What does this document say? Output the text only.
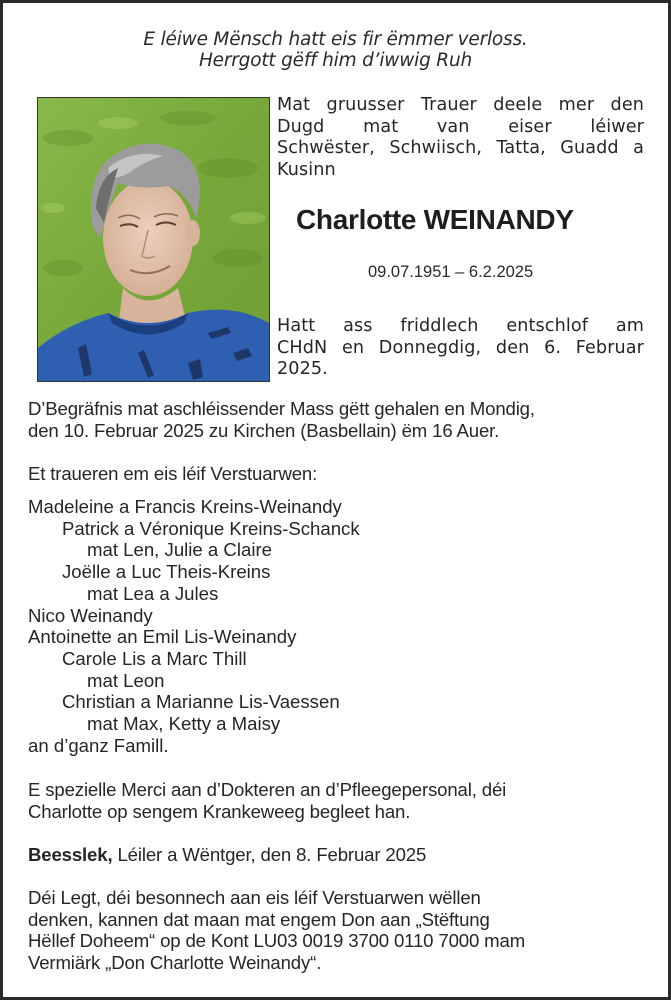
E léiwe Mënsch hatt eis fir ëmmer verloss.
Herrgott gëff him d’iwwig Ruh
Mat gruusser Trauer deele mer den
Dugd mat van eiser léiwer
Schwëster, Schwiisch, Tatta, Guadd a
Kusinn
Charlotte WEINANDY
09.07.1951 – 6.2.2025
Hatt ass friddlech entschlof am
CHdN en Donnegdig, den 6. Februar
2025.
D’Begräfnis mat aschléissender Mass gëtt gehalen en Mondig,
den 10. Februar 2025 zu Kirchen (Basbellain) ëm 16 Auer.
Et traueren em eis léif Verstuarwen:
Madeleine a Francis Kreins-Weinandy
Patrick a Véronique Kreins-Schanck
mat Len, Julie a Claire
Joëlle a Luc Theis-Kreins
mat Lea a Jules
Nico Weinandy
Antoinette an Emil Lis-Weinandy
Carole Lis a Marc Thill
mat Leon
Christian a Marianne Lis-Vaessen
mat Max, Ketty a Maisy
an d’ganz Famill.
E spezielle Merci aan d’Dokteren an d’Pfleegepersonal, déi
Charlotte op sengem Krankeweeg begleet han.
Beesslek, Léiler a Wëntger, den 8. Februar 2025
Déi Legt, déi besonnech aan eis léif Verstuarwen wëllen
denken, kannen dat maan mat engem Don aan „Stëftung
Hëllef Doheem“ op de Kont LU03 0019 3700 0110 7000 mam
Vermiärk „Don Charlotte Weinandy“.
